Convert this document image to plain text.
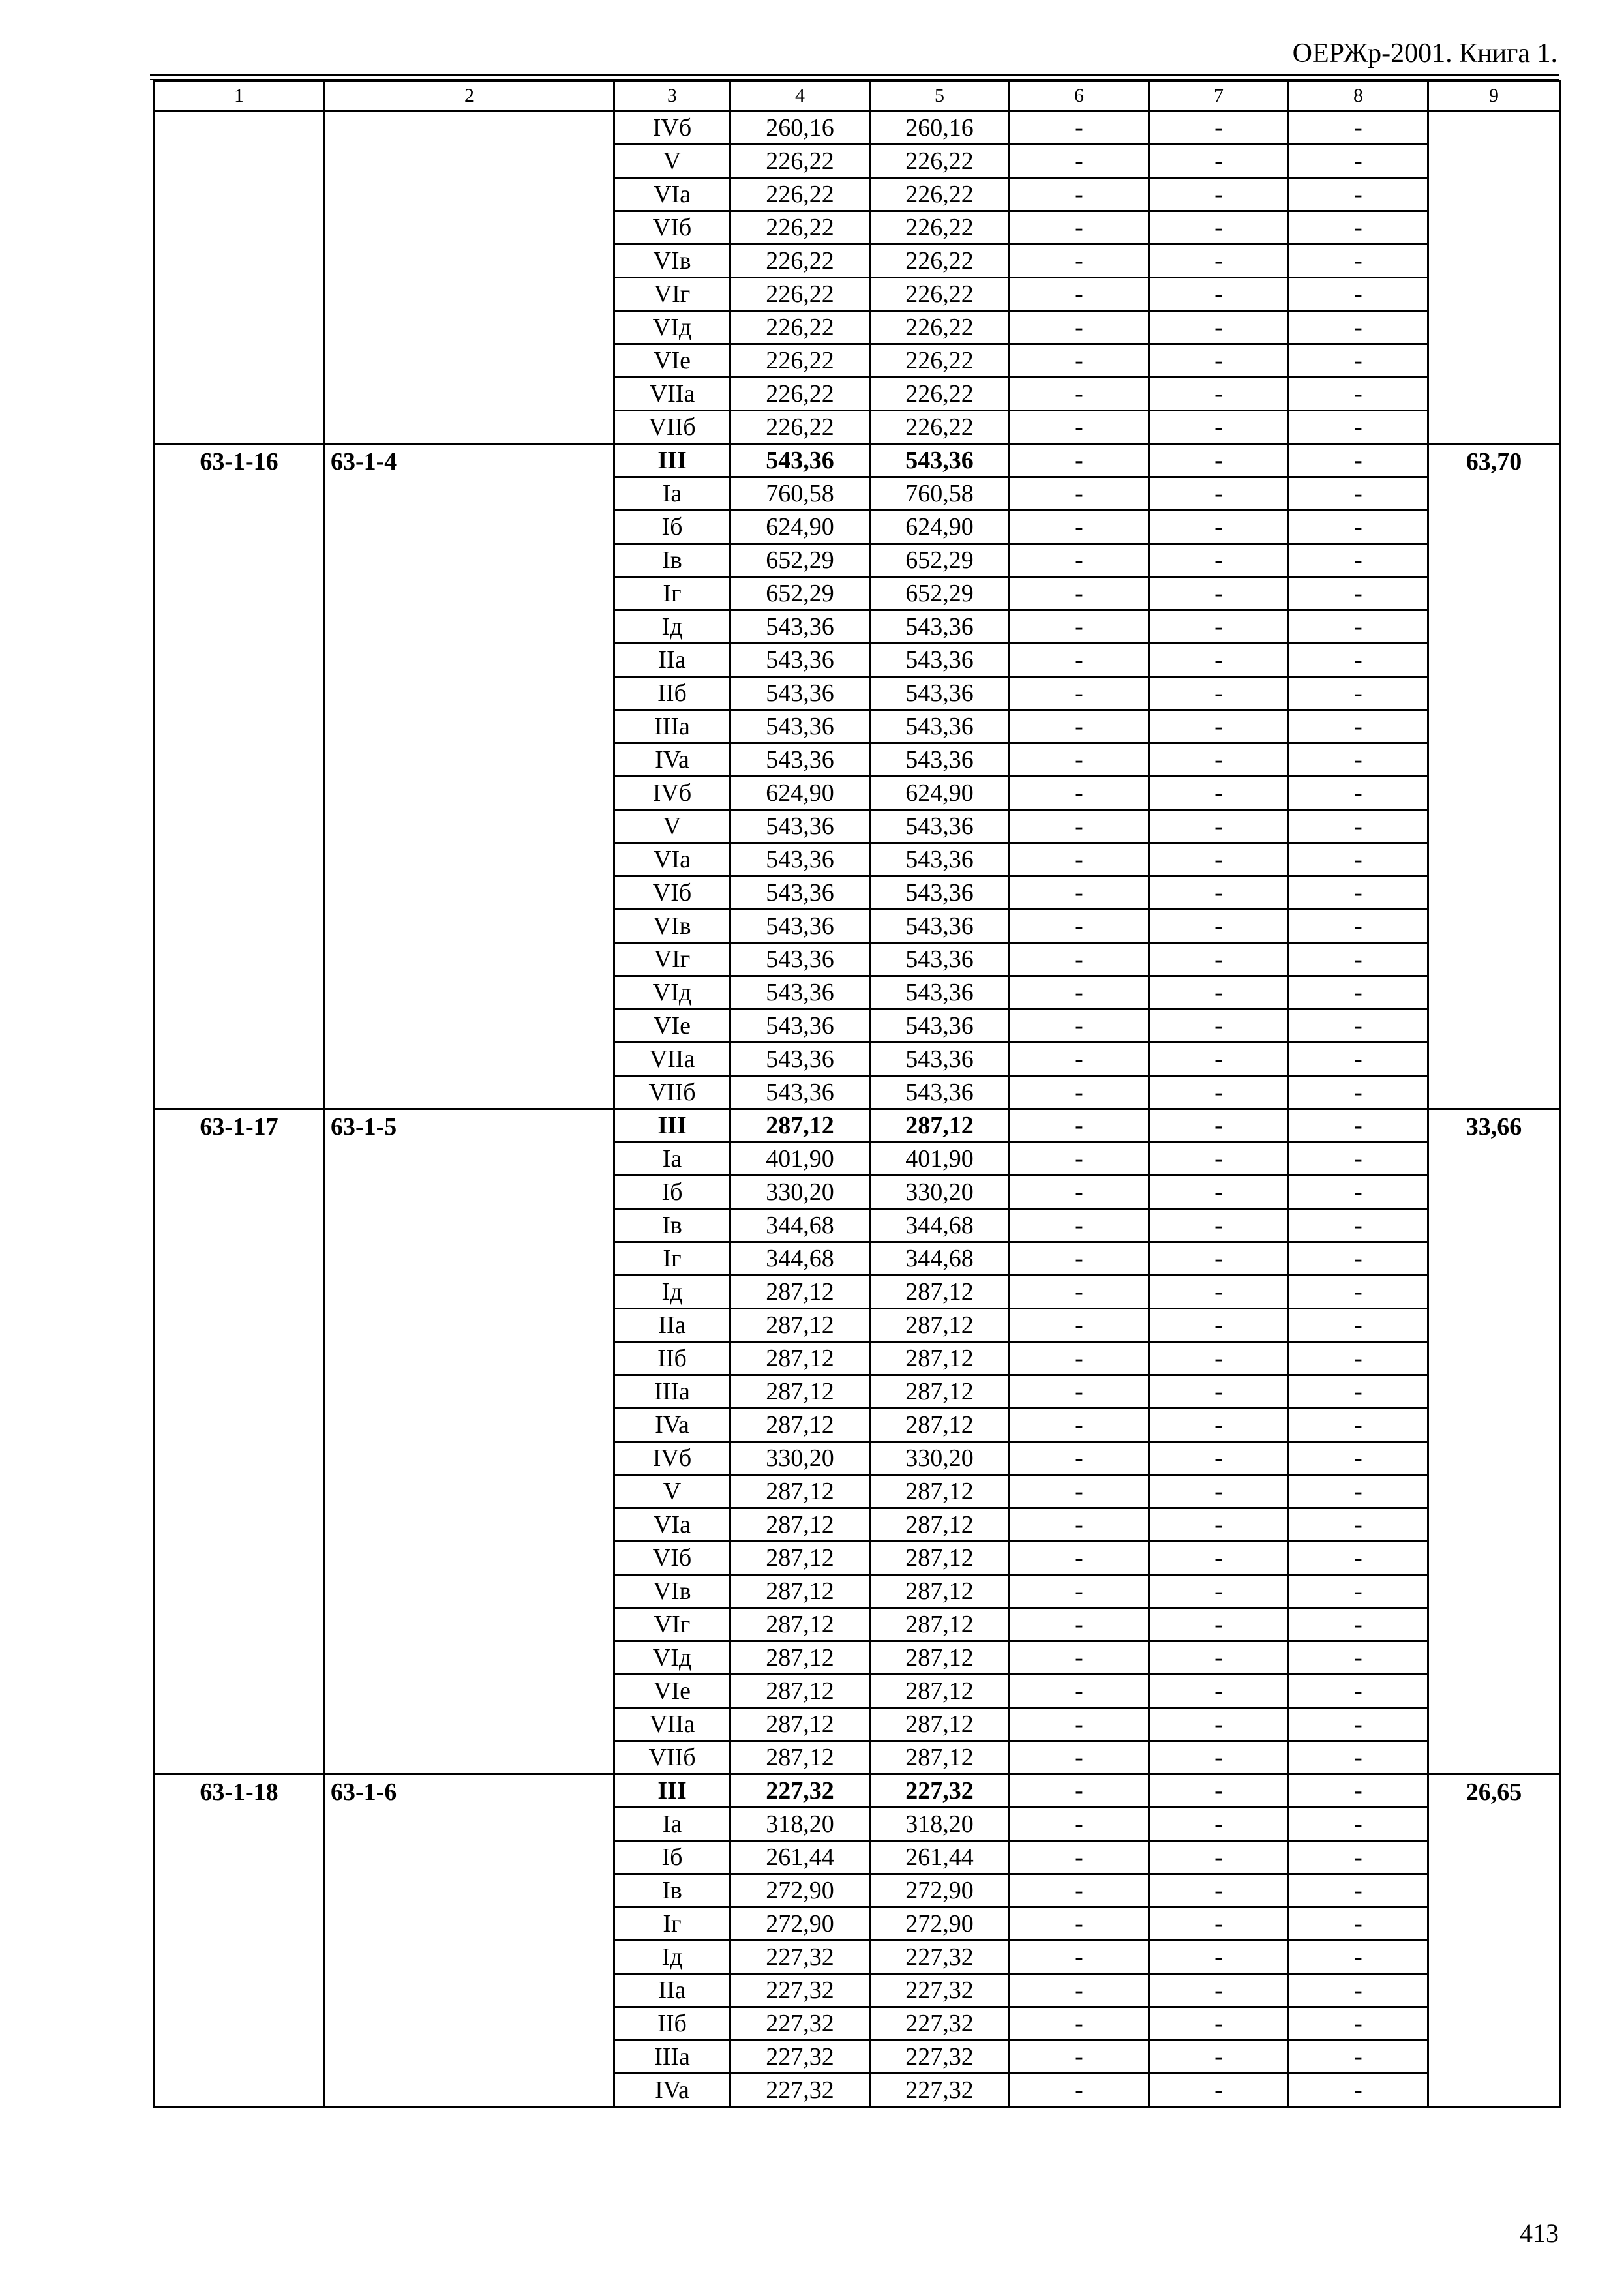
ОЕРЖр-2001. Книга 1.
1	2	3	4	5	6	7	8	9
		IVб	260,16	260,16	-	-	-	
		V	226,22	226,22	-	-	-	
		VIa	226,22	226,22	-	-	-	
		VIб	226,22	226,22	-	-	-	
		VIв	226,22	226,22	-	-	-	
		VIг	226,22	226,22	-	-	-	
		VIд	226,22	226,22	-	-	-	
		VIe	226,22	226,22	-	-	-	
		VIIa	226,22	226,22	-	-	-	
		VIIб	226,22	226,22	-	-	-	
63-1-16	63-1-4	III	543,36	543,36	-	-	-	63,70
		Ia	760,58	760,58	-	-	-	
		Iб	624,90	624,90	-	-	-	
		Iв	652,29	652,29	-	-	-	
		Iг	652,29	652,29	-	-	-	
		Iд	543,36	543,36	-	-	-	
		IIa	543,36	543,36	-	-	-	
		IIб	543,36	543,36	-	-	-	
		IIIa	543,36	543,36	-	-	-	
		IVa	543,36	543,36	-	-	-	
		IVб	624,90	624,90	-	-	-	
		V	543,36	543,36	-	-	-	
		VIa	543,36	543,36	-	-	-	
		VIб	543,36	543,36	-	-	-	
		VIв	543,36	543,36	-	-	-	
		VIг	543,36	543,36	-	-	-	
		VIд	543,36	543,36	-	-	-	
		VIe	543,36	543,36	-	-	-	
		VIIa	543,36	543,36	-	-	-	
		VIIб	543,36	543,36	-	-	-	
63-1-17	63-1-5	III	287,12	287,12	-	-	-	33,66
		Ia	401,90	401,90	-	-	-	
		Iб	330,20	330,20	-	-	-	
		Iв	344,68	344,68	-	-	-	
		Iг	344,68	344,68	-	-	-	
		Iд	287,12	287,12	-	-	-	
		IIa	287,12	287,12	-	-	-	
		IIб	287,12	287,12	-	-	-	
		IIIa	287,12	287,12	-	-	-	
		IVa	287,12	287,12	-	-	-	
		IVб	330,20	330,20	-	-	-	
		V	287,12	287,12	-	-	-	
		VIa	287,12	287,12	-	-	-	
		VIб	287,12	287,12	-	-	-	
		VIв	287,12	287,12	-	-	-	
		VIг	287,12	287,12	-	-	-	
		VIд	287,12	287,12	-	-	-	
		VIe	287,12	287,12	-	-	-	
		VIIa	287,12	287,12	-	-	-	
		VIIб	287,12	287,12	-	-	-	
63-1-18	63-1-6	III	227,32	227,32	-	-	-	26,65
		Ia	318,20	318,20	-	-	-	
		Iб	261,44	261,44	-	-	-	
		Iв	272,90	272,90	-	-	-	
		Iг	272,90	272,90	-	-	-	
		Iд	227,32	227,32	-	-	-	
		IIa	227,32	227,32	-	-	-	
		IIб	227,32	227,32	-	-	-	
		IIIa	227,32	227,32	-	-	-	
		IVa	227,32	227,32	-	-	-	
413
